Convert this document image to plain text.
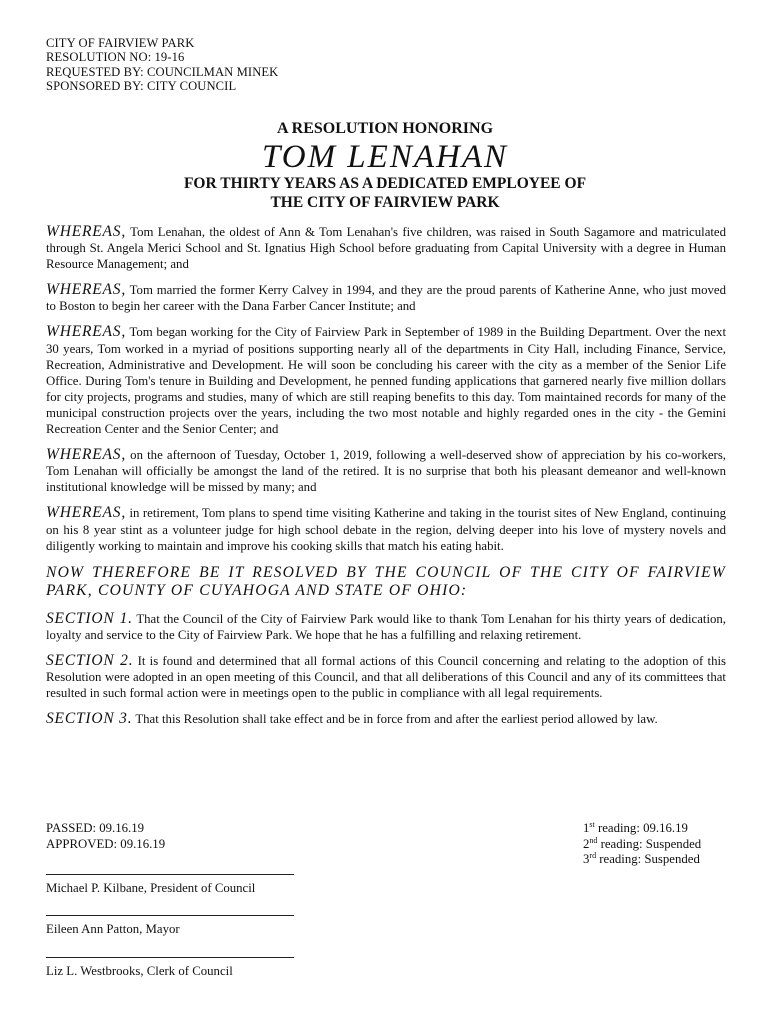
CITY OF FAIRVIEW PARK
RESOLUTION NO: 19-16
REQUESTED BY: COUNCILMAN MINEK
SPONSORED BY: CITY COUNCIL
A RESOLUTION HONORING
TOM LENAHAN
FOR THIRTY YEARS AS A DEDICATED EMPLOYEE OF
THE CITY OF FAIRVIEW PARK

WHEREAS, Tom Lenahan, the oldest of Ann & Tom Lenahan's five children, was raised in South Sagamore and matriculated through St. Angela Merici School and St. Ignatius High School before graduating from Capital University with a degree in Human Resource Management; and

WHEREAS, Tom married the former Kerry Calvey in 1994, and they are the proud parents of Katherine Anne, who just moved to Boston to begin her career with the Dana Farber Cancer Institute; and

WHEREAS, Tom began working for the City of Fairview Park in September of 1989 in the Building Department. Over the next 30 years, Tom worked in a myriad of positions supporting nearly all of the departments in City Hall, including Finance, Service, Recreation, Administrative and Development. He will soon be concluding his career with the city as a member of the Senior Life Office. During Tom's tenure in Building and Development, he penned funding applications that garnered nearly five million dollars for city projects, programs and studies, many of which are still reaping benefits to this day. Tom maintained records for many of the municipal construction projects over the years, including the two most notable and highly regarded ones in the city - the Gemini Recreation Center and the Senior Center; and

WHEREAS, on the afternoon of Tuesday, October 1, 2019, following a well-deserved show of appreciation by his co-workers, Tom Lenahan will officially be amongst the land of the retired. It is no surprise that both his pleasant demeanor and well-known institutional knowledge will be missed by many; and

WHEREAS, in retirement, Tom plans to spend time visiting Katherine and taking in the tourist sites of New England, continuing on his 8 year stint as a volunteer judge for high school debate in the region, delving deeper into his love of mystery novels and diligently working to maintain and improve his cooking skills that match his eating habit.

NOW THEREFORE BE IT RESOLVED BY THE COUNCIL OF THE CITY OF FAIRVIEW PARK, COUNTY OF CUYAHOGA AND STATE OF OHIO:

SECTION 1. That the Council of the City of Fairview Park would like to thank Tom Lenahan for his thirty years of dedication, loyalty and service to the City of Fairview Park. We hope that he has a fulfilling and relaxing retirement.

SECTION 2. It is found and determined that all formal actions of this Council concerning and relating to the adoption of this Resolution were adopted in an open meeting of this Council, and that all deliberations of this Council and any of its committees that resulted in such formal action were in meetings open to the public in compliance with all legal requirements.

SECTION 3. That this Resolution shall take effect and be in force from and after the earliest period allowed by law.

PASSED: 09.16.19
APPROVED: 09.16.19
1st reading: 09.16.19
2nd reading: Suspended
3rd reading: Suspended
Michael P. Kilbane, President of Council
Eileen Ann Patton, Mayor
Liz L. Westbrooks, Clerk of Council
